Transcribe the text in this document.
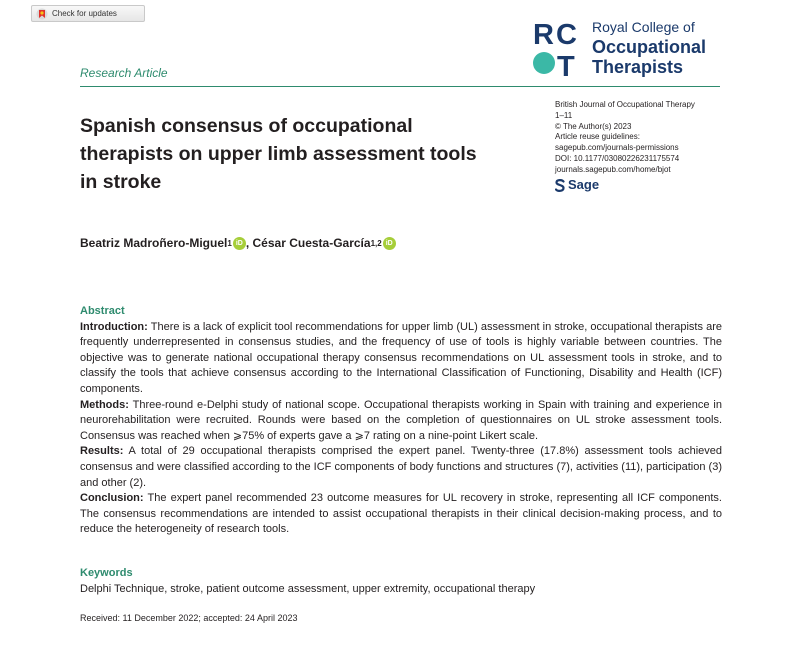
Check for updates
R C
T
Royal College of
Occupational
Therapists
Research Article
Spanish consensus of occupational therapists on upper limb assessment tools in stroke
British Journal of Occupational Therapy
1–11
© The Author(s) 2023
Article reuse guidelines:
sagepub.com/journals-permissions
DOI: 10.1177/03080226231175574
journals.sagepub.com/home/bjot
Sage
Beatriz Madroñero-Miguel 1 iD ,
César Cuesta-García 1,2 iD
Abstract

Introduction: There is a lack of explicit tool recommendations for upper limb (UL) assessment in stroke, occupational therapists are frequently underrepresented in consensus studies, and the frequency of use of tools is highly variable between countries. The objective was to generate national occupational therapy consensus recommendations on UL assessment tools in stroke, and to classify the tools that achieve consensus according to the International Classification of Functioning, Disability and Health (ICF) components.

Methods: Three-round e-Delphi study of national scope. Occupational therapists working in Spain with training and experience in neurorehabilitation were recruited. Rounds were based on the completion of questionnaires on UL stroke assessment tools. Consensus was reached when ⩾75% of experts gave a ⩾7 rating on a nine-point Likert scale.

Results: A total of 29 occupational therapists comprised the expert panel. Twenty-three (17.8%) assessment tools achieved consensus and were classified according to the ICF components of body functions and structures (7), activities (11), participation (3) and other (2).

Conclusion: The expert panel recommended 23 outcome measures for UL recovery in stroke, representing all ICF components. The consensus recommendations are intended to assist occupational therapists in their clinical decision-making process, and to reduce the heterogeneity of research tools.

Keywords
Delphi Technique, stroke, patient outcome assessment, upper extremity, occupational therapy
Received: 11 December 2022; accepted: 24 April 2023
